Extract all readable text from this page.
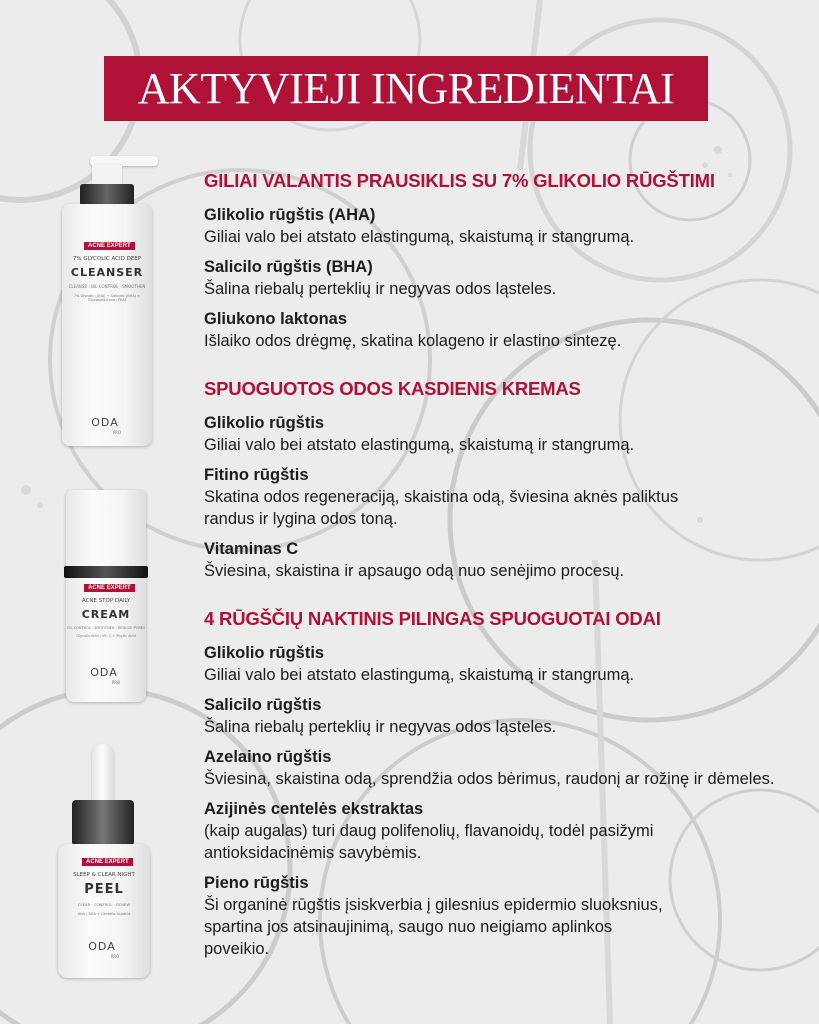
AKTYVIEJI INGREDIENTAI
ACNE EXPERT
7% GLYCOLIC ACID DEEP
CLEANSER
CLEANSE · OIL-CONTROL · SMOOTHEN
7% Glycolic (AHA) + Salicylic (BHA) + Gluconolactone (PHA)
ODA
PRO
ACNE EXPERT
ACNE STOP DAILY
CREAM
OIL-CONTROL · SMOOTHEN · REDUCE PORES
Glycolic Acid | Vit. C + Phytic Acid
ODA
PRO
ACNE EXPERT
SLEEP & CLEAR NIGHT
PEEL
CLEAR · CONTROL · RENEW
AHA | BHA + Centella Asiatica
ODA
PRO
GILIAI VALANTIS PRAUSIKLIS SU 7% GLIKOLIO RŪGŠTIMI
Glikolio rūgštis (AHA)
Giliai valo bei atstato elastingumą, skaistumą ir stangrumą.
Salicilo rūgštis (BHA)
Šalina riebalų perteklių ir negyvas odos ląsteles.
Gliukono laktonas
Išlaiko odos drėgmę, skatina kolageno ir elastino sintezę.
SPUOGUOTOS ODOS KASDIENIS KREMAS
Glikolio rūgštis
Giliai valo bei atstato elastingumą, skaistumą ir stangrumą.
Fitino rūgštis
Skatina odos regeneraciją, skaistina odą, šviesina aknės paliktus randus ir lygina odos toną.
Vitaminas C
Šviesina, skaistina ir apsaugo odą nuo senėjimo procesų.
4 RŪGŠČIŲ NAKTINIS PILINGAS SPUOGUOTAI ODAI
Glikolio rūgštis
Giliai valo bei atstato elastingumą, skaistumą ir stangrumą.
Salicilo rūgštis
Šalina riebalų perteklių ir negyvas odos ląsteles.
Azelaino rūgštis
Šviesina, skaistina odą, sprendžia odos bėrimus, raudonį ar rožinę ir dėmeles.
Azijinės centelės ekstraktas
(kaip augalas) turi daug polifenolių, flavanoidų, todėl pasižymi antioksidacinėmis savybėmis.
Pieno rūgštis
Ši organinė rūgštis įsiskverbia į gilesnius epidermio sluoksnius, spartina jos atsinaujinimą, saugo nuo neigiamo aplinkos poveikio.
